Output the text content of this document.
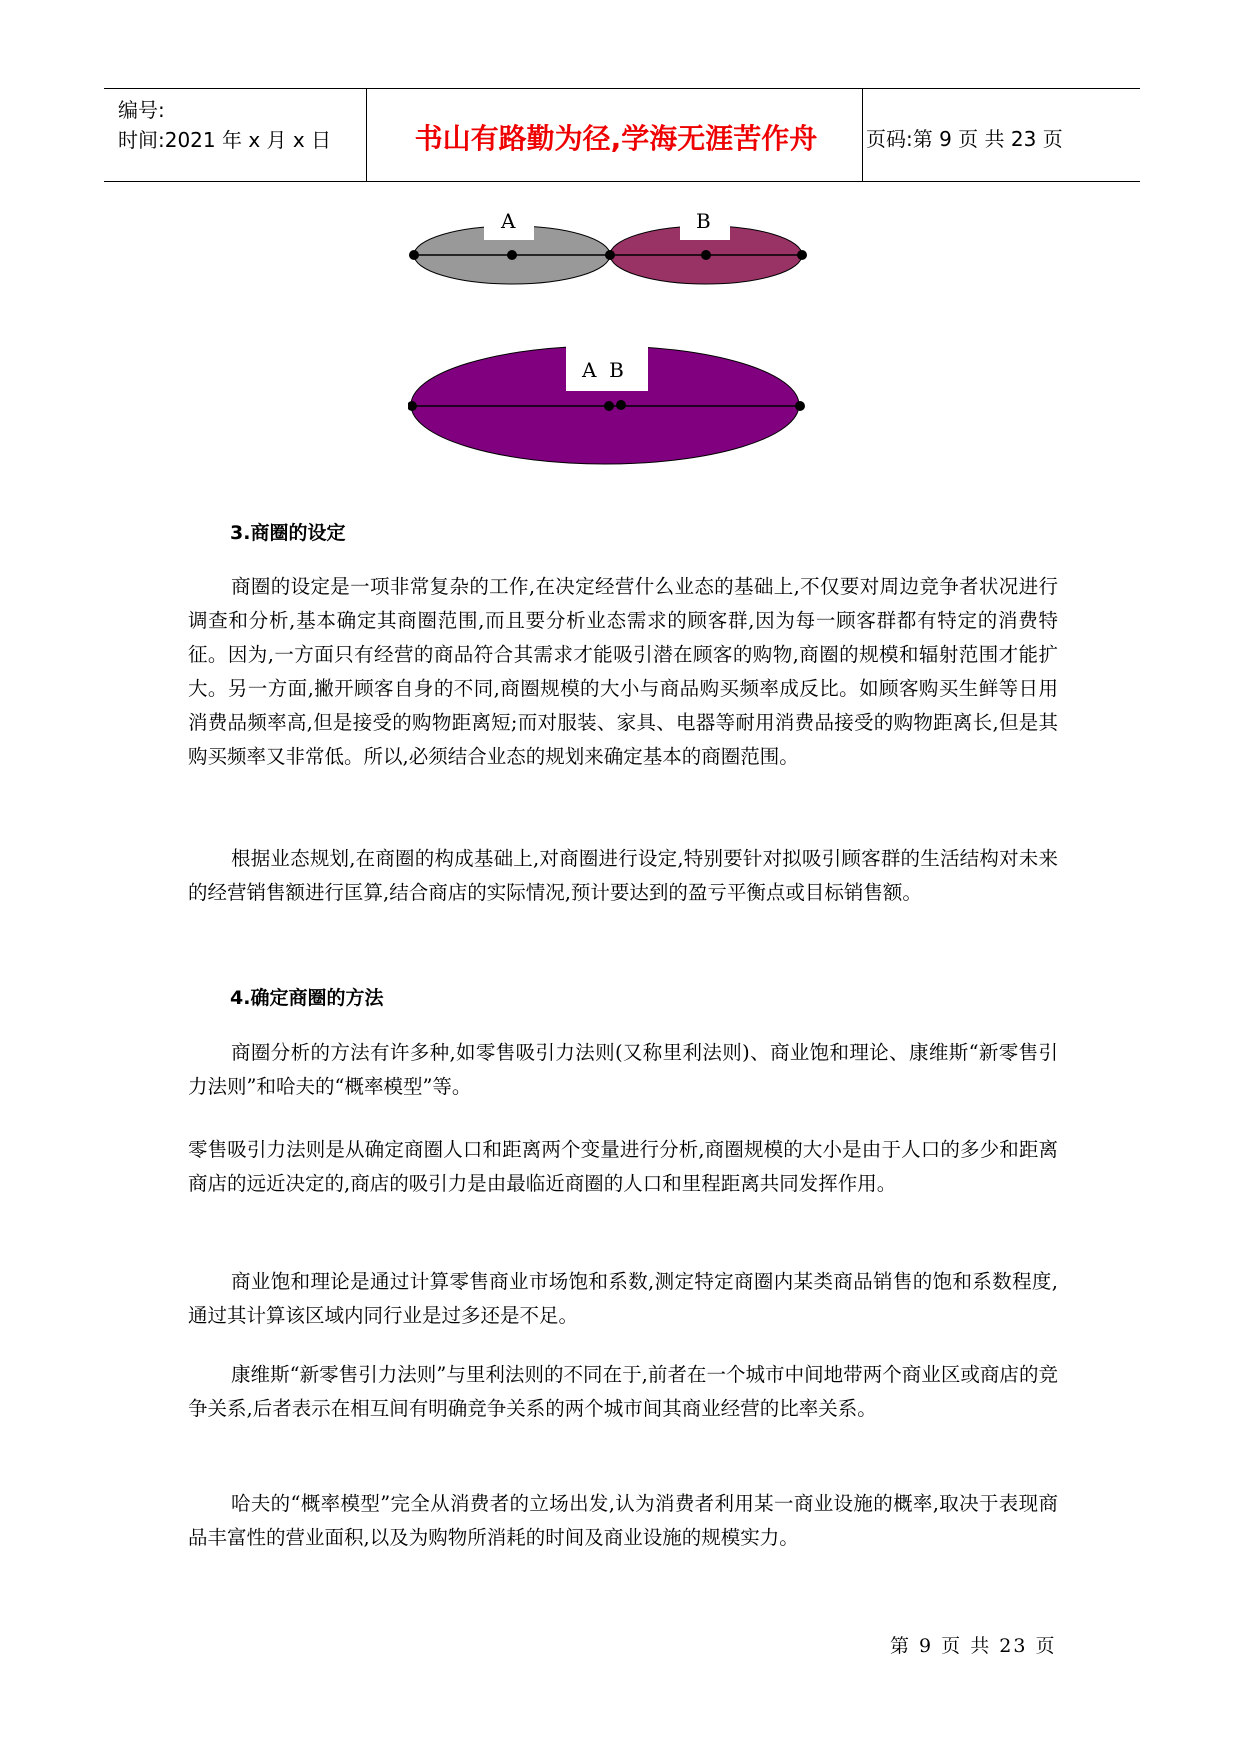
编号:
时间:2021 年 x 月 x 日	书山有路勤为径,学海无涯苦作舟	页码:第 9 页 共 23 页
A	B
A  B
3.商圈的设定
商圈的设定是一项非常复杂的工作,在决定经营什么业态的基础上,不仅要对周边竞争者状况进行调查和分析,基本确定其商圈范围,而且要分析业态需求的顾客群,因为每一顾客群都有特定的消费特征。因为,一方面只有经营的商品符合其需求才能吸引潜在顾客的购物,商圈的规模和辐射范围才能扩大。另一方面,撇开顾客自身的不同,商圈规模的大小与商品购买频率成反比。如顾客购买生鲜等日用消费品频率高,但是接受的购物距离短;而对服装、家具、电器等耐用消费品接受的购物距离长,但是其购买频率又非常低。所以,必须结合业态的规划来确定基本的商圈范围。
根据业态规划,在商圈的构成基础上,对商圈进行设定,特别要针对拟吸引顾客群的生活结构对未来的经营销售额进行匡算,结合商店的实际情况,预计要达到的盈亏平衡点或目标销售额。
4.确定商圈的方法
商圈分析的方法有许多种,如零售吸引力法则(又称里利法则)、商业饱和理论、康维斯“新零售引力法则”和哈夫的“概率模型”等。
零售吸引力法则是从确定商圈人口和距离两个变量进行分析,商圈规模的大小是由于人口的多少和距离商店的远近决定的,商店的吸引力是由最临近商圈的人口和里程距离共同发挥作用。
商业饱和理论是通过计算零售商业市场饱和系数,测定特定商圈内某类商品销售的饱和系数程度,通过其计算该区域内同行业是过多还是不足。
康维斯“新零售引力法则”与里利法则的不同在于,前者在一个城市中间地带两个商业区或商店的竞争关系,后者表示在相互间有明确竞争关系的两个城市间其商业经营的比率关系。
哈夫的“概率模型”完全从消费者的立场出发,认为消费者利用某一商业设施的概率,取决于表现商品丰富性的营业面积,以及为购物所消耗的时间及商业设施的规模实力。
第 9 页 共 23 页
